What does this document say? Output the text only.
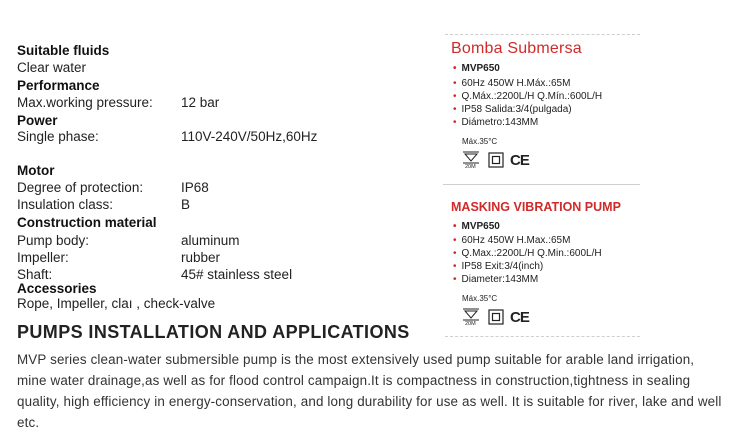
Suitable fluids
Clear water
Performance
Max.working pressure: 12 bar
Power
Single phase:	110V-240V/50Hz,60Hz
Motor
Degree of protection:	IP68
Insulation class:	B
Construction material
Pump body:	aluminum
Impeller:	rubber
Shaft:	45# stainless steel
Accessories
Rope, Impeller, claı , check-valve
Bomba Submersa
• MVP650
• 60Hz 450W H.Máx.:65M
• Q.Máx.:2200L/H Q.Mín.:600L/H
• IP58 Salida:3/4(pulgada)
• Diámetro:143MM
Máx.35°C
20M CE
MASKING VIBRATION PUMP
• MVP650
• 60Hz 450W H.Max.:65M
• Q.Max.:2200L/H Q.Min.:600L/H
• IP58 Exit:3/4(inch)
• Diameter:143MM
Máx.35°C
20M CE
PUMPS INSTALLATION AND APPLICATIONS
MVP series clean-water submersible pump is the most extensively used pump suitable for arable land irrigation, mine water drainage,as well as for flood control campaign.It is compactness in construction,tightness in sealing quality, high efficiency in energy-conservation, and long durability for use as well. It is suitable for river, lake and well etc.
